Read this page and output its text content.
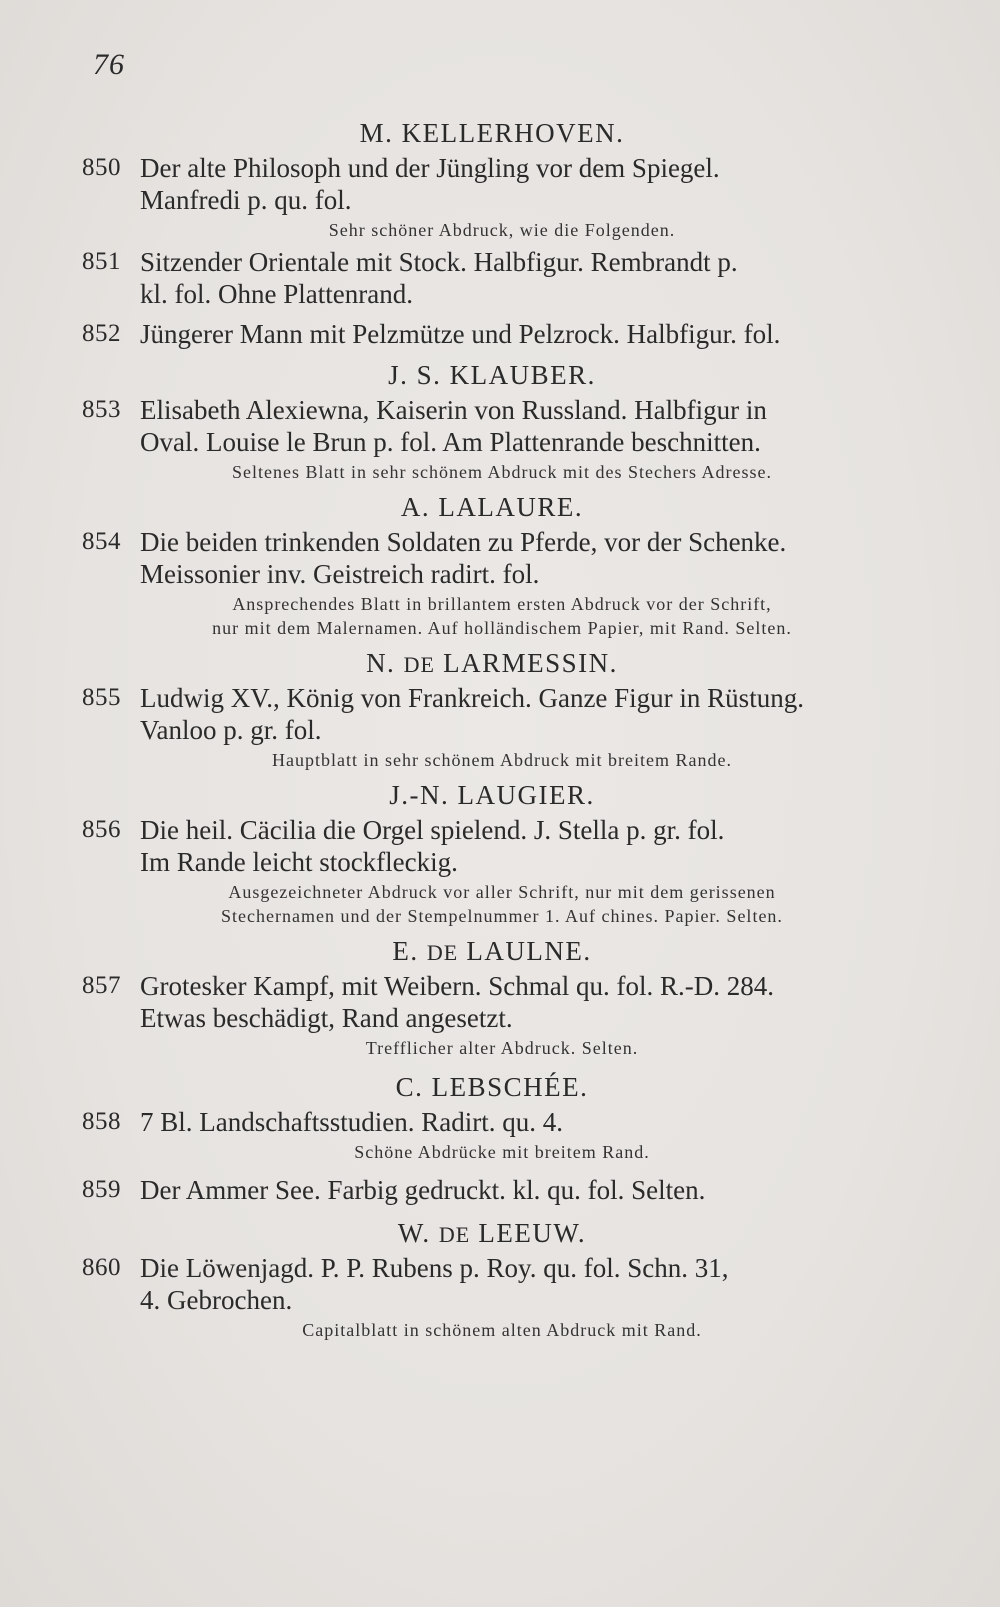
76
M. KELLERHOVEN.
850 Der alte Philosoph und der Jüngling vor dem Spiegel.
Manfredi p. qu. fol.
Sehr schöner Abdruck, wie die Folgenden.
851 Sitzender Orientale mit Stock. Halbfigur. Rembrandt p.
kl. fol. Ohne Plattenrand.
852 Jüngerer Mann mit Pelzmütze und Pelzrock. Halbfigur. fol.
J. S. KLAUBER.
853 Elisabeth Alexiewna, Kaiserin von Russland. Halbfigur in
Oval. Louise le Brun p. fol. Am Plattenrande beschnitten.
Seltenes Blatt in sehr schönem Abdruck mit des Stechers Adresse.
A. LALAURE.
854 Die beiden trinkenden Soldaten zu Pferde, vor der Schenke.
Meissonier inv. Geistreich radirt. fol.
Ansprechendes Blatt in brillantem ersten Abdruck vor der Schrift,
nur mit dem Malernamen. Auf holländischem Papier, mit Rand. Selten.
N. DE LARMESSIN.
855 Ludwig XV., König von Frankreich. Ganze Figur in Rüstung.
Vanloo p. gr. fol.
Hauptblatt in sehr schönem Abdruck mit breitem Rande.
J.-N. LAUGIER.
856 Die heil. Cäcilia die Orgel spielend. J. Stella p. gr. fol.
Im Rande leicht stockfleckig.
Ausgezeichneter Abdruck vor aller Schrift, nur mit dem gerissenen
Stechernamen und der Stempelnummer 1. Auf chines. Papier. Selten.
E. DE LAULNE.
857 Grotesker Kampf, mit Weibern. Schmal qu. fol. R.-D. 284.
Etwas beschädigt, Rand angesetzt.
Trefflicher alter Abdruck. Selten.
C. LEBSCHÉE.
858 7 Bl. Landschaftsstudien. Radirt. qu. 4.
Schöne Abdrücke mit breitem Rand.
859 Der Ammer See. Farbig gedruckt. kl. qu. fol. Selten.
W. DE LEEUW.
860 Die Löwenjagd. P. P. Rubens p. Roy. qu. fol. Schn. 31,
4. Gebrochen.
Capitalblatt in schönem alten Abdruck mit Rand.
